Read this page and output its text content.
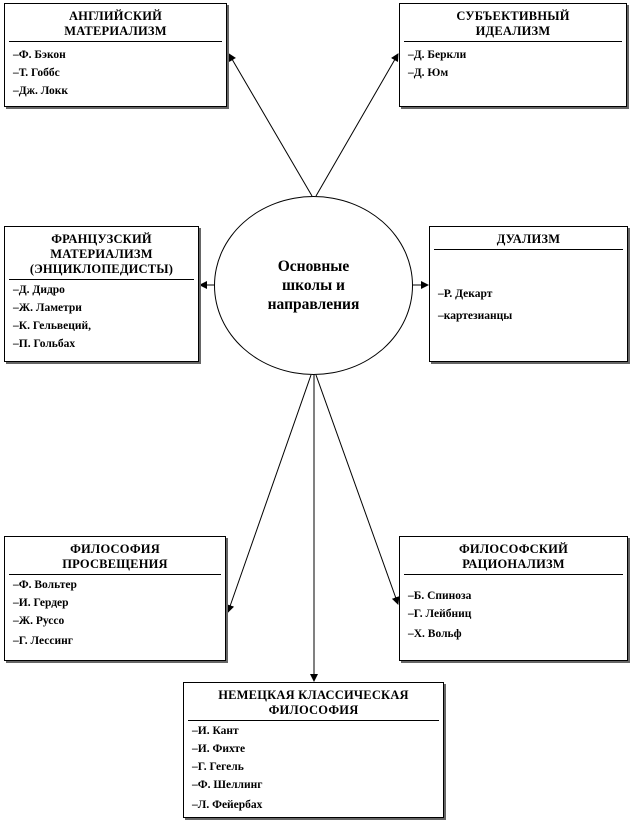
Основные
школы и
направления
АНГЛИЙСКИЙ
МАТЕРИАЛИЗМ
–Ф. Бэкон
–Т. Гоббс
–Дж. Локк
СУБЪЕКТИВНЫЙ
ИДЕАЛИЗМ
–Д. Беркли
–Д. Юм
ФРАНЦУЗСКИЙ
МАТЕРИАЛИЗМ
(ЭНЦИКЛОПЕДИСТЫ)
–Д. Дидро
–Ж. Ламетри
–К. Гельвеций,
–П. Гольбах
ДУАЛИЗМ
–Р. Декарт
–картезианцы
ФИЛОСОФИЯ
ПРОСВЕЩЕНИЯ
–Ф. Вольтер
–И. Гердер
–Ж. Руссо
–Г. Лессинг
ФИЛОСОФСКИЙ
РАЦИОНАЛИЗМ
–Б. Спиноза
–Г. Лейбниц
–Х. Вольф
НЕМЕЦКАЯ КЛАССИЧЕСКАЯ
ФИЛОСОФИЯ
–И. Кант
–И. Фихте
–Г. Гегель
–Ф. Шеллинг
–Л. Фейербах
